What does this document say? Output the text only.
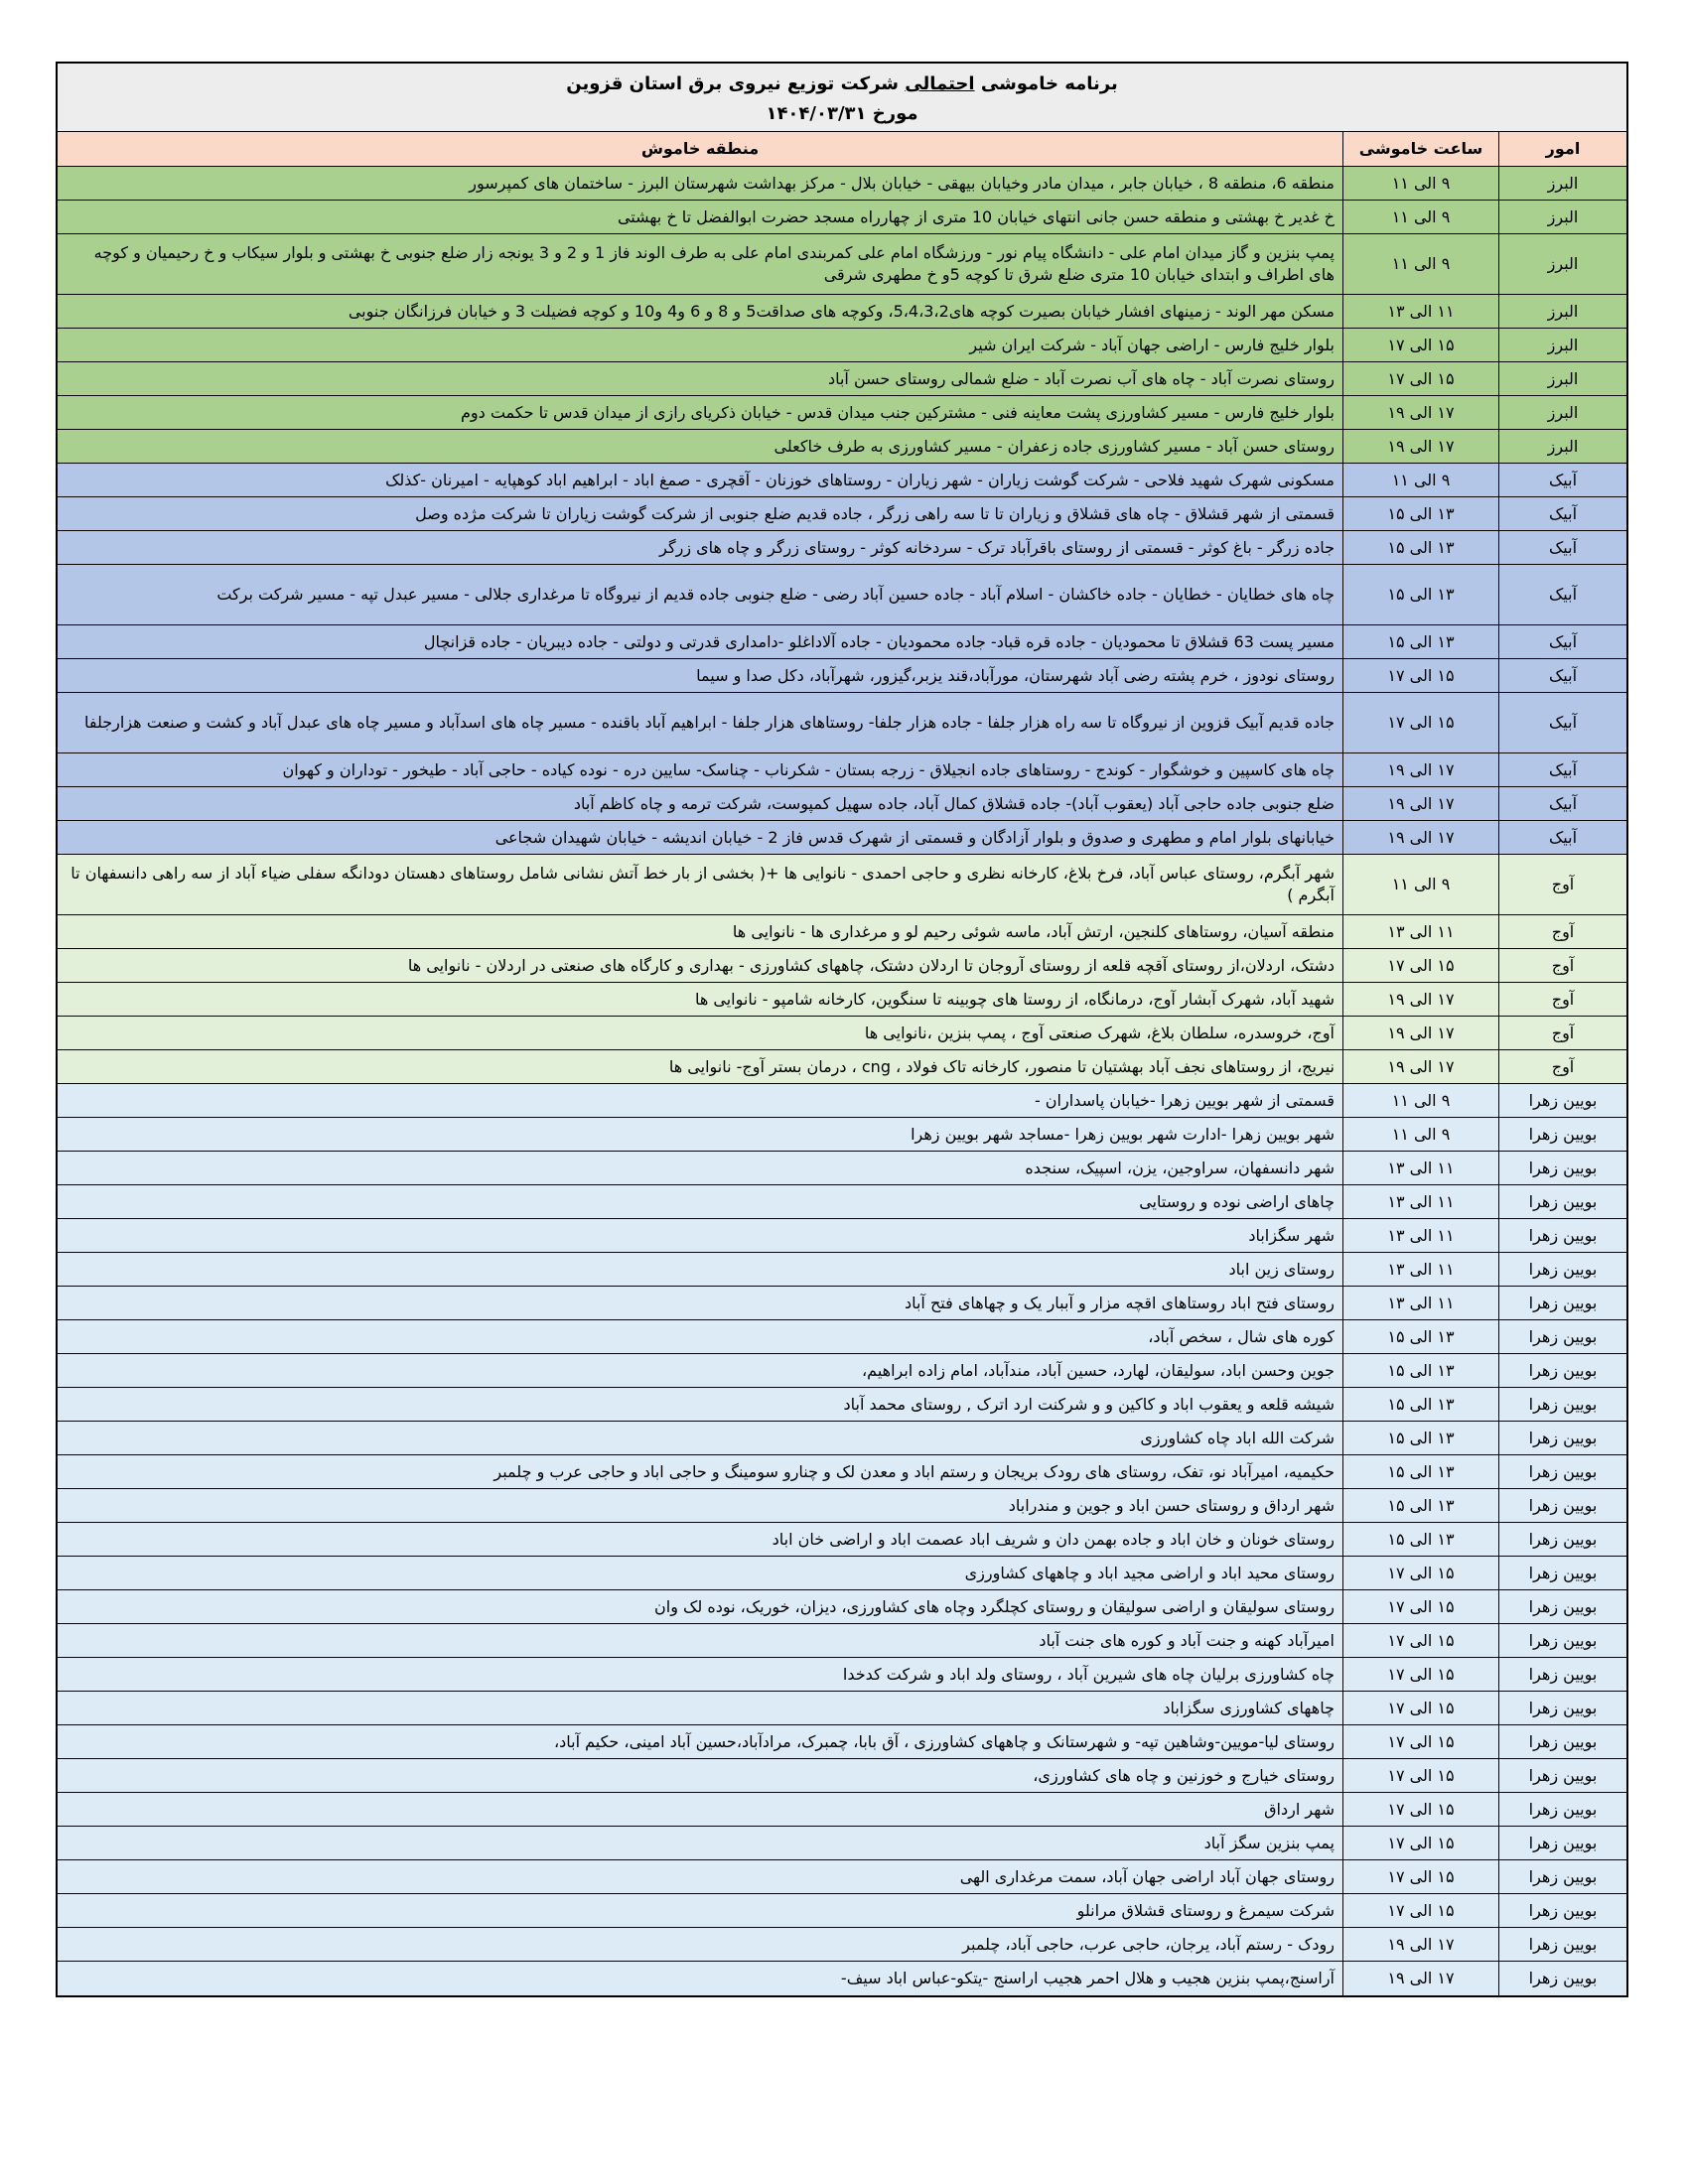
برنامه خاموشی احتمالی شرکت توزیع نیروی برق استان قزوین
مورخ ۱۴۰۴/۰۳/۳۱
امور	ساعت خاموشی	منطقه خاموش
البرز	۹ الی ۱۱	منطقه 6، منطقه 8 ، خیابان جابر ، میدان مادر وخیابان بیهقی - خیابان بلال - مرکز بهداشت شهرستان البرز - ساختمان های کمپرسور
البرز	۹ الی ۱۱	خ غدیر خ بهشتی و منطقه حسن جانی انتهای خیابان 10 متری از چهارراه مسجد حضرت ابوالفضل تا خ بهشتی
البرز	۹ الی ۱۱	پمپ بنزین و گاز میدان امام علی - دانشگاه پیام نور - ورزشگاه امام علی کمربندی امام علی به طرف الوند فاز 1 و 2 و 3 یونجه زار ضلع جنوبی خ بهشتی و بلوار سیکاب و خ رحیمیان و کوچه های اطراف و ابتدای خیابان 10 متری ضلع شرق تا کوچه 5و خ مطهری شرقی
البرز	۱۱ الی ۱۳	مسکن مهر الوند - زمینهای افشار خیابان بصیرت کوچه های5،4،3،2، وکوچه های صداقت5 و 8 و 6 و4 و10 و کوچه فضیلت 3 و خیابان فرزانگان جنوبی
البرز	۱۵ الی ۱۷	بلوار خلیج فارس - اراضی جهان آباد - شرکت ایران شیر
البرز	۱۵ الی ۱۷	روستای نصرت آباد - چاه های آب نصرت آباد - ضلع شمالی روستای حسن آباد
البرز	۱۷ الی ۱۹	بلوار خلیج فارس - مسیر کشاورزی پشت معاینه فنی - مشترکین جنب میدان قدس - خیابان ذکریای رازی از میدان قدس تا حکمت دوم
البرز	۱۷ الی ۱۹	روستای حسن آباد - مسیر کشاورزی جاده زعفران - مسیر کشاورزی به طرف خاکعلی
آبیک	۹ الی ۱۱	مسکونی شهرک شهید فلاحی - شرکت گوشت زیاران - شهر زیاران - روستاهای خوزنان - آقچری - صمغ اباد - ابراهیم اباد کوهپایه - امیرنان -کذلک
آبیک	۱۳ الی ۱۵	قسمتی از شهر قشلاق - چاه های قشلاق و زیاران تا تا سه راهی زرگر ، جاده قدیم ضلع جنوبی از شرکت گوشت زیاران تا شرکت مژده وصل
آبیک	۱۳ الی ۱۵	جاده زرگر - باغ کوثر - قسمتی از روستای باقرآباد ترک - سردخانه کوثر - روستای زرگر و چاه های زرگر
آبیک	۱۳ الی ۱۵	چاه های خطایان - خطایان - جاده خاکشان - اسلام آباد - جاده حسین آباد رضی - ضلع جنوبی جاده قدیم از نیروگاه تا مرغداری جلالی - مسیر عبدل تپه - مسیر شرکت برکت
آبیک	۱۳ الی ۱۵	مسیر پست 63 قشلاق تا محمودیان - جاده قره قباد- جاده محمودیان - جاده آلاداغلو -دامداری قدرتی و دولتی - جاده دیبریان - جاده قزانچال
آبیک	۱۵ الی ۱۷	روستای نودوز ، خرم پشته رضی آباد شهرستان، مورآباد،قند یزبر،گیزور، شهرآباد، دکل صدا و سیما
آبیک	۱۵ الی ۱۷	جاده قدیم آبیک قزوین از نیروگاه تا سه راه هزار جلفا - جاده هزار جلفا- روستاهای هزار جلفا - ابراهیم آباد باقنده - مسیر چاه های اسدآباد و مسیر چاه های عبدل آباد و کشت و صنعت هزارجلفا
آبیک	۱۷ الی ۱۹	چاه های کاسپین و خوشگوار - کوندج - روستاهای جاده انجیلاق - زرجه بستان - شکرناب - چناسک- سایین دره - نوده کیاده - حاجی آباد - طیخور - توداران و کهوان
آبیک	۱۷ الی ۱۹	ضلع جنوبی جاده حاجی آباد (یعقوب آباد)- جاده قشلاق کمال آباد، جاده سهیل کمپوست، شرکت ترمه و چاه کاظم آباد
آبیک	۱۷ الی ۱۹	خیابانهای بلوار امام و مطهری و صدوق و بلوار آزادگان و قسمتی از شهرک قدس فاز 2 - خیابان اندیشه - خیابان شهیدان شجاعی
آوج	۹ الی ۱۱	شهر آبگرم، روستای عباس آباد، فرخ بلاغ، کارخانه نظری و حاجی احمدی - نانوایی ها +( بخشی از بار خط آتش نشانی شامل روستاهای دهستان دودانگه سفلی ضیاء آباد از سه راهی دانسفهان تا آبگرم )
آوج	۱۱ الی ۱۳	منطقه آسیان، روستاهای کلنجین، ارتش آباد، ماسه شوئی رحیم لو و مرغداری ها - نانوایی ها
آوج	۱۵ الی ۱۷	دشتک، اردلان،از روستای آقچه قلعه از روستای آروجان تا اردلان دشتک، چاههای کشاورزی - بهداری و کارگاه های صنعتی در اردلان - نانوایی ها
آوج	۱۷ الی ۱۹	شهید آباد، شهرک آبشار آوج، درمانگاه، از روستا های چوبینه تا سنگوین، کارخانه شامپو - نانوایی ها
آوج	۱۷ الی ۱۹	آوج، خروسدره، سلطان بلاغ، شهرک صنعتی آوج ، پمپ بنزین ،نانوایی ها
آوج	۱۷ الی ۱۹	نیریج، از روستاهای نجف آباد بهشتیان تا منصور، کارخانه تاک فولاد ، cng ، درمان بستر آوج- نانوایی ها
بویین زهرا	۹ الی ۱۱	قسمتی از شهر بویین زهرا -خیابان پاسداران -
بویین زهرا	۹ الی ۱۱	شهر بویین زهرا -ادارت شهر بویین زهرا -مساجد شهر بویین زهرا
بویین زهرا	۱۱ الی ۱۳	شهر دانسفهان، سراوجین، یزن، اسپیک، سنجده
بویین زهرا	۱۱ الی ۱۳	چاهای اراضی نوده و روستایی
بویین زهرا	۱۱ الی ۱۳	شهر سگزاباد
بویین زهرا	۱۱ الی ۱۳	روستای زین اباد
بویین زهرا	۱۱ الی ۱۳	روستای فتح اباد روستاهای اقچه مزار و آببار یک و چهاهای فتح آباد
بویین زهرا	۱۳ الی ۱۵	کوره های شال ، سخص آباد،
بویین زهرا	۱۳ الی ۱۵	جوین وحسن اباد، سولیقان، لهارد، حسین آباد، مندآباد، امام زاده ابراهیم،
بویین زهرا	۱۳ الی ۱۵	شیشه قلعه و یعقوب اباد و کاکین و و شرکنت ارد اترک , روستای محمد آباد
بویین زهرا	۱۳ الی ۱۵	شرکت الله اباد چاه کشاورزی
بویین زهرا	۱۳ الی ۱۵	حکیمیه، امیرآباد نو، تفک، روستای های رودک بریجان و رستم اباد و معدن لک و چنارو سومینگ و حاجی اباد و حاجی عرب و چلمبر
بویین زهرا	۱۳ الی ۱۵	شهر ارداق و روستای حسن اباد و جوین و مندراباد
بویین زهرا	۱۳ الی ۱۵	روستای خونان و خان اباد و جاده بهمن دان و شریف اباد عصمت اباد و اراضی خان اباد
بویین زهرا	۱۵ الی ۱۷	روستای محید اباد و اراضی مجید اباد و چاههای کشاورزی
بویین زهرا	۱۵ الی ۱۷	روستای سولیقان و اراضی سولیقان و روستای کچلگرد وچاه های کشاورزی، دیزان، خوریک، نوده لک وان
بویین زهرا	۱۵ الی ۱۷	امیرآباد کهنه و جنت آباد و کوره های جنت آباد
بویین زهرا	۱۵ الی ۱۷	چاه کشاورزی برلیان چاه های شیرین آباد ، روستای ولد اباد و شرکت کدخدا
بویین زهرا	۱۵ الی ۱۷	چاههای کشاورزی سگزاباد
بویین زهرا	۱۵ الی ۱۷	روستای لیا-مویین-وشاهین تپه- و شهرستانک و چاههای کشاورزی ، آق بابا، چمبرک، مرادآباد،حسین آباد امینی، حکیم آباد،
بویین زهرا	۱۵ الی ۱۷	روستای خیارج و خوزنین و چاه های کشاورزی،
بویین زهرا	۱۵ الی ۱۷	شهر ارداق
بویین زهرا	۱۵ الی ۱۷	پمپ بنزین سگز آباد
بویین زهرا	۱۵ الی ۱۷	روستای جهان آباد اراضی جهان آباد، سمت مرغداری الهی
بویین زهرا	۱۵ الی ۱۷	شرکت سیمرغ و روستای قشلاق مرانلو
بویین زهرا	۱۷ الی ۱۹	رودک - رستم آباد، یرجان، حاجی عرب، حاجی آباد، چلمبر
بویین زهرا	۱۷ الی ۱۹	آراسنج،پمپ بنزین هجیب و هلال احمر هجیب اراسنج -یتکو-عباس اباد سیف-
